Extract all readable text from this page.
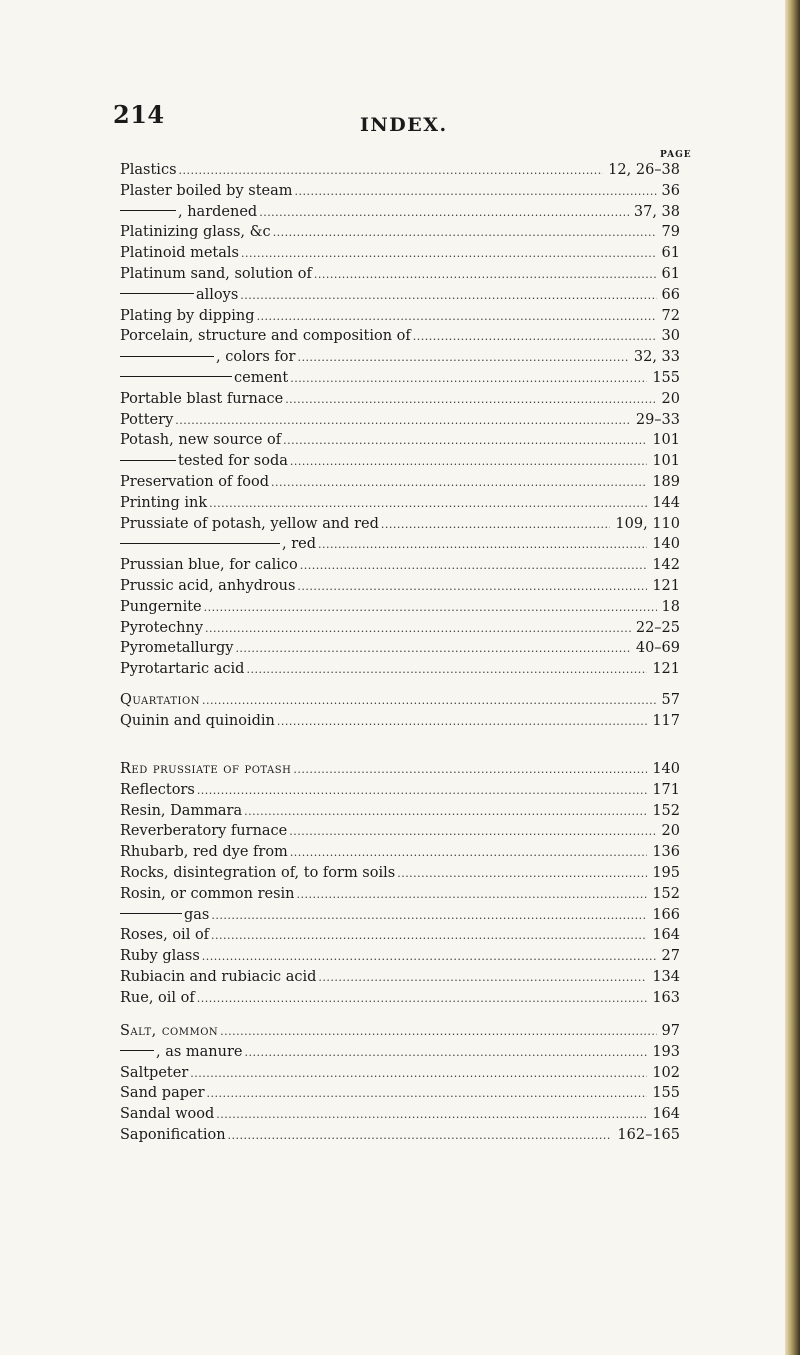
214	INDEX.
PAGE
Plastics . . .	12, 26–38
Plaster boiled by steam . . .	36
, hardened . . .	37, 38
Platinizing glass, &c . . .	79
Platinoid metals . . .	61
Platinum sand, solution of . . .	61
alloys . . .	66
Plating by dipping . . .	72
Porcelain, structure and composition of . . .	30
, colors for . . .	32, 33
cement . . .	155
Portable blast furnace . . .	20
Pottery . . .	29–33
Potash, new source of . . .	101
tested for soda . . .	101
Preservation of food . . .	189
Printing ink . . .	144
Prussiate of potash, yellow and red . . .	109, 110
, red . . .	140
Prussian blue, for calico . . .	142
Prussic acid, anhydrous . . .	121
Pungernite . . .	18
Pyrotechny . . .	22–25
Pyrometallurgy . . .	40–69
Pyrotartaric acid . . .	121
Quartation . . .	57
Quinin and quinoidin . . .	117
Red prussiate of potash . . .	140
Reflectors . . .	171
Resin, Dammara . . .	152
Reverberatory furnace . . .	20
Rhubarb, red dye from . . .	136
Rocks, disintegration of, to form soils . . .	195
Rosin, or common resin . . .	152
gas . . .	166
Roses, oil of . . .	164
Ruby glass . . .	27
Rubiacin and rubiacic acid . . .	134
Rue, oil of . . .	163
Salt, common . . .	97
, as manure . . .	193
Saltpeter . . .	102
Sand paper . . .	155
Sandal wood . . .	164
Saponification . . .	162–165
